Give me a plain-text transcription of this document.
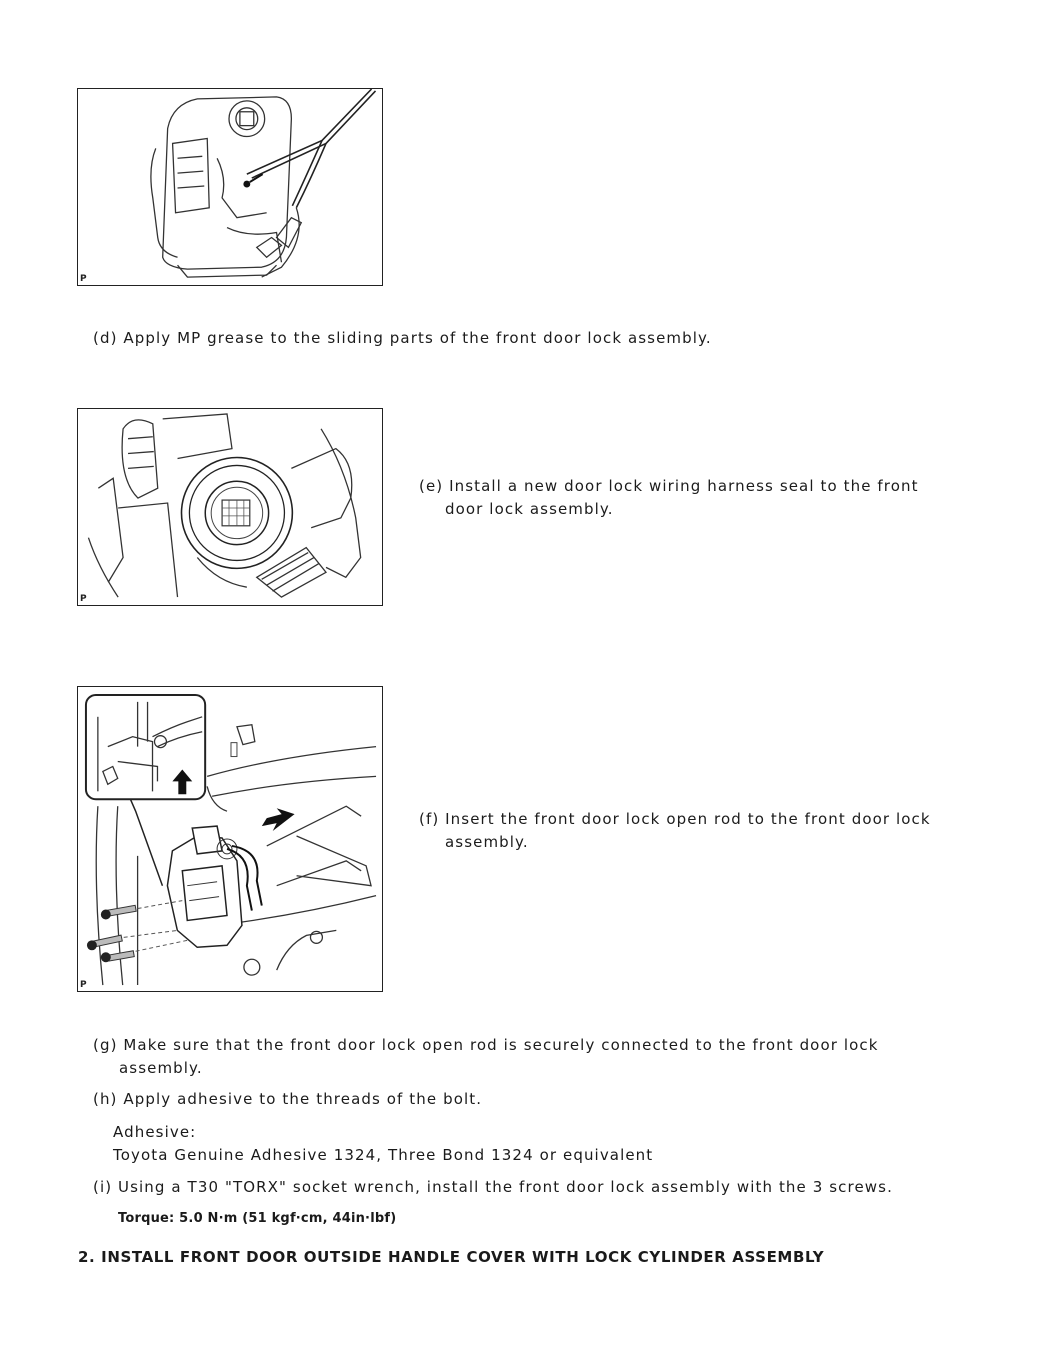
P
(d) Apply MP grease to the sliding parts of the front door lock assembly.
P
(e) Install a new door lock wiring harness seal to the front
door lock assembly.
P
(f) Insert the front door lock open rod to the front door lock
assembly.
(g) Make sure that the front door lock open rod is securely connected to the front door lock
assembly.
(h) Apply adhesive to the threads of the bolt.
Adhesive:
Toyota Genuine Adhesive 1324, Three Bond 1324 or equivalent
(i) Using a T30 "TORX" socket wrench, install the front door lock assembly with the 3 screws.
Torque: 5.0 N·m (51 kgf·cm, 44in·lbf)
2. INSTALL FRONT DOOR OUTSIDE HANDLE COVER WITH LOCK CYLINDER ASSEMBLY
